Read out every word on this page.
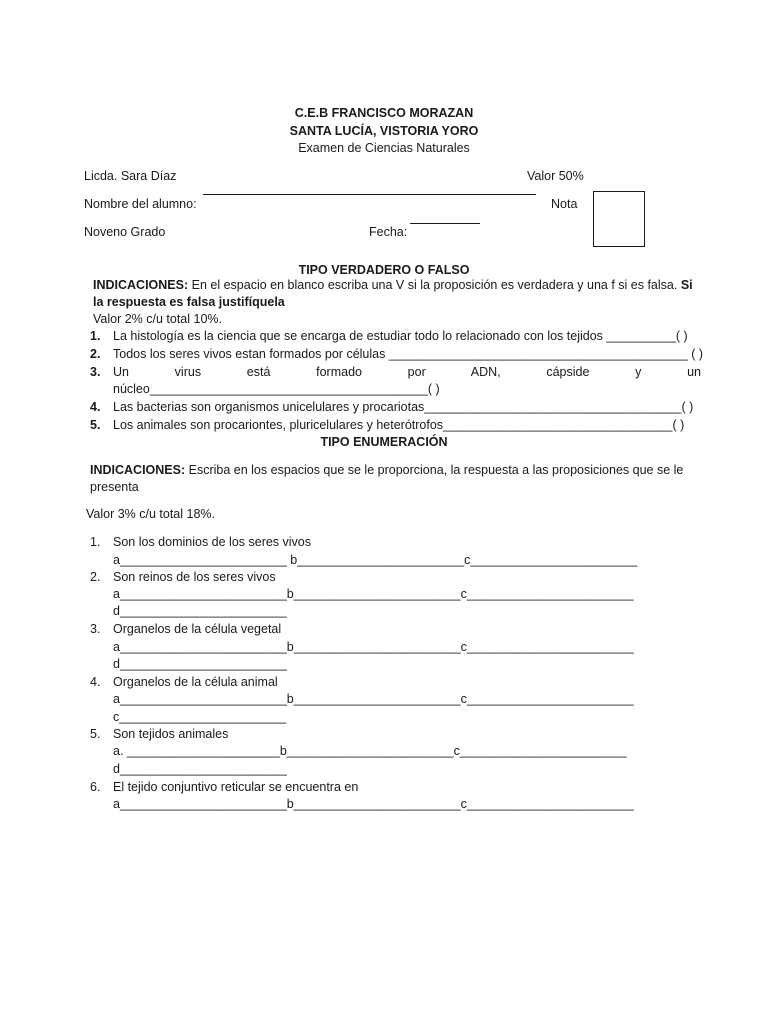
C.E.B FRANCISCO MORAZAN
SANTA LUCÍA, VISTORIA YORO
Examen de Ciencias Naturales
Licda. Sara Díaz	Valor 50%
Nombre del alumno:	Nota
Noveno Grado	Fecha:
TIPO VERDADERO O FALSO
INDICACIONES: En el espacio en blanco escriba una V si la proposición es verdadera y una f si es falsa. Si la respuesta es falsa justifíquela
Valor 2% c/u total 10%.
1. La histología es la ciencia que se encarga de estudiar todo lo relacionado con los tejidos __________( )
2. Todos los seres vivos estan formados por células ___________________________________________ ( )
3. Un virus está formado por ADN, cápside y un
núcleo________________________________________( )
4. Las bacterias son organismos unicelulares y procariotas_____________________________________( )
5. Los animales son procariontes, pluricelulares y heterótrofos_________________________________( )
TIPO ENUMERACIÓN
INDICACIONES: Escriba en los espacios que se le proporciona, la respuesta a las proposiciones que se le presenta
Valor 3% c/u total 18%.
1. Son los dominios de los seres vivos
a________________________ b________________________c________________________
2. Son reinos de los seres vivos
a________________________b________________________c________________________
d________________________
3. Organelos de la célula vegetal
a________________________b________________________c________________________
d________________________
4. Organelos de la célula animal
a________________________b________________________c________________________
c________________________
5. Son tejidos animales
a. ______________________b________________________c________________________
d________________________
6. El tejido conjuntivo reticular se encuentra en
a________________________b________________________c________________________
